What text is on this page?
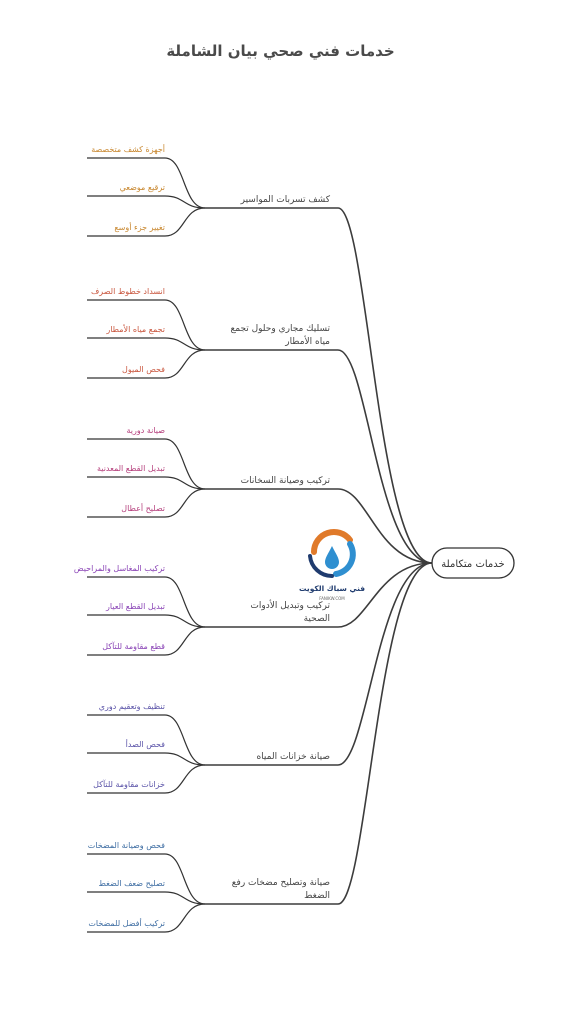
خدمات فني صحي بيان الشاملة
خدمات متكاملة
كشف تسربات المواسير
أجهزة كشف متخصصة
ترقيع موضعي
تغيير جزء أوسع
تسليك مجاري وحلول تجمع
مياه الأمطار
انسداد خطوط الصرف
تجمع مياه الأمطار
فحص الميول
تركيب وصيانة السخانات
صيانة دورية
تبديل القطع المعدنية
تصليح أعطال
تركيب وتبديل الأدوات
الصحية
تركيب المغاسل والمراحيض
تبديل القطع العيار
قطع مقاومة للتآكل
صيانة خزانات المياه
تنظيف وتعقيم دوري
فحص الصدأ
خزانات مقاومة للتآكل
صيانة وتصليح مضخات رفع
الضغط
فحص وصيانة المضخات
تصليح ضعف الضغط
تركيب أفضل للمضخات
فني سباك الكويت
FANIKW.COM
